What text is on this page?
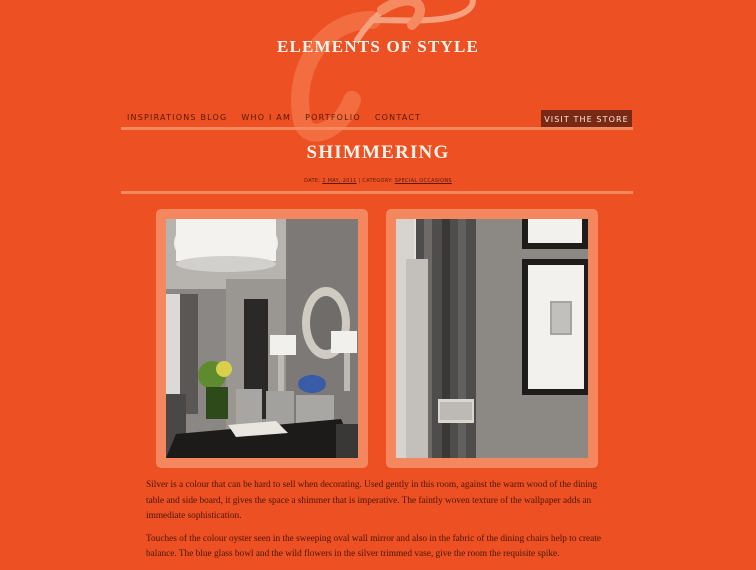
ELEMENTS OF STYLE
INSPIRATIONS BLOG WHO I AM PORTFOLIO CONTACT	VISIT THE STORE
SHIMMERING
DATE: 2 MAY, 2011 | CATEGORY: SPECIAL OCCASIONS

Silver is a colour that can be hard to sell when decorating. Used gently in this room, against the warm wood of the dining table and side board, it gives the space a shimmer that is imperative. The faintly woven texture of the wallpaper adds an immediate sophistication.

Touches of the colour oyster seen in the sweeping oval wall mirror and also in the fabric of the dining chairs help to create balance. The blue glass bowl and the wild flowers in the silver trimmed vase, give the room the requisite spike.
